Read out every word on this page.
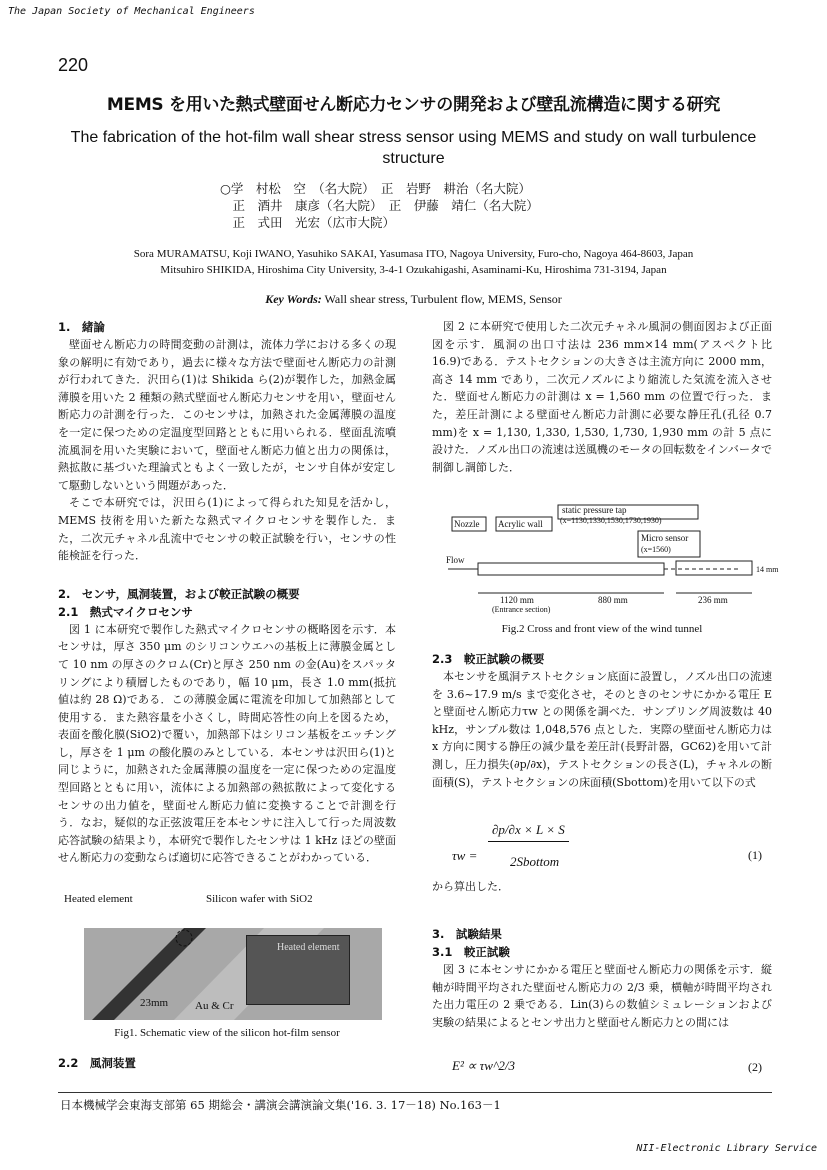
The Japan Society of Mechanical Engineers
220
MEMS を用いた熱式壁面せん断応力センサの開発および壁乱流構造に関する研究
The fabrication of the hot-film wall shear stress sensor using MEMS and study on wall turbulence structure
○学　村松　空　（名大院）　正　岩野　耕治（名大院）
　正　酒井　康彦（名大院）　正　伊藤　靖仁（名大院）
　正　式田　光宏（広市大院）
Sora MURAMATSU, Koji IWANO, Yasuhiko SAKAI, Yasumasa ITO, Nagoya University, Furo-cho, Nagoya 464-8603, Japan
Mitsuhiro SHIKIDA, Hiroshima City University, 3-4-1 Ozukahigashi, Asaminami-Ku, Hiroshima 731-3194, Japan
Key Words: Wall shear stress, Turbulent flow, MEMS, Sensor
1.　緒論

壁面せん断応力の時間変動の計測は，流体力学における多くの現象の解明に有効であり，過去に様々な方法で壁面せん断応力の計測が行われてきた．沢田ら(1)は Shikida ら(2)が製作した，加熱金属薄膜を用いた 2 種類の熱式壁面せん断応力センサを用い，壁面せん断応力の計測を行った．このセンサは，加熱された金属薄膜の温度を一定に保つための定温度型回路とともに用いられる．壁面乱流噴流風洞を用いた実験において，壁面せん断応力値と出力の関係は，熱拡散に基づいた理論式ともよく一致したが，センサ自体が安定して駆動しないという問題があった．

そこで本研究では，沢田ら(1)によって得られた知見を活かし，MEMS 技術を用いた新たな熱式マイクロセンサを製作した．また，二次元チャネル乱流中でセンサの較正試験を行い，センサの性能検証を行った．

2.　センサ，風洞装置，および較正試験の概要
2.1　熱式マイクロセンサ

図 1 に本研究で製作した熱式マイクロセンサの概略図を示す．本センサは，厚さ 350 μm のシリコンウエハの基板上に薄膜金属として 10 nm の厚さのクロム(Cr)と厚さ 250 nm の金(Au)をスパッタリングにより積層したものであり，幅 10 μm，長さ 1.0 mm(抵抗値は約 28 Ω)である．この薄膜金属に電流を印加して加熱部として使用する．また熱容量を小さくし，時間応答性の向上を図るため，表面を酸化膜(SiO2)で覆い，加熱部下はシリコン基板をエッチングし，厚さを 1 μm の酸化膜のみとしている．本センサは沢田ら(1)と同じように，加熱された金属薄膜の温度を一定に保つための定温度型回路とともに用い，流体による加熱部の熱拡散によって変化するセンサの出力値を，壁面せん断応力値に変換することで計測を行う．なお，疑似的な正弦波電圧を本センサに注入して行った周波数応答試験の結果より，本研究で製作したセンサは 1 kHz ほどの壁面せん断応力の変動ならば適切に応答できることがわかっている．

Heated element	Silicon wafer with SiO2
Heated element
23mm Au & Cr
Fig1. Schematic view of the silicon hot-film sensor
2.2　風洞装置

図 2 に本研究で使用した二次元チャネル風洞の側面図および正面図を示す．風洞の出口寸法は 236 mm×14 mm(アスペクト比 16.9)である．テストセクションの大きさは主流方向に 2000 mm，高さ 14 mm であり，二次元ノズルにより縮流した気流を流入させた．壁面せん断応力の計測は x = 1,560 mm の位置で行った．また，差圧計測による壁面せん断応力計測に必要な静圧孔(孔径 0.7 mm)を x = 1,130, 1,330, 1,530, 1,730, 1,930 mm の計 5 点に設けた．ノズル出口の流速は送風機のモータの回転数をインバータで制御し調節した．

static pressure tap
(x=1130,1330,1530,1730,1930)
Nozzle Acrylic wall
Micro sensor
(x=1560)
Flow
14 mm
1120 mm
(Entrance section)
880 mm	236 mm
Fig.2 Cross and front view of the wind tunnel
2.3　較正試験の概要

本センサを風洞テストセクション底面に設置し，ノズル出口の流速を 3.6~17.9 m/s まで変化させ，そのときのセンサにかかる電圧 E と壁面せん断応力τw との関係を調べた．サンプリング周波数は 40 kHz，サンプル数は 1,048,576 点とした．実際の壁面せん断応力は x 方向に関する静圧の減少量を差圧計(長野計器，GC62)を用いて計測し，圧力損失(∂p/∂x)，テストセクションの長さ(L)，チャネルの断面積(S)，テストセクションの床面積(Sbottom)を用いて以下の式

τw =
∂p/∂x × L × S
2Sbottom	(1)

から算出した．

3.　試験結果
3.1　較正試験

図 3 に本センサにかかる電圧と壁面せん断応力の関係を示す．縦軸が時間平均された壁面せん断応力の 2/3 乗，横軸が時間平均された出力電圧の 2 乗である．Lin(3)らの数値シミュレーションおよび実験の結果によるとセンサ出力と壁面せん断応力との間には

E² ∝ τw^2/3	(2)
日本機械学会東海支部第 65 期総会・講演会講演論文集('16. 3. 17－18) No.163－1
NII-Electronic Library Service
